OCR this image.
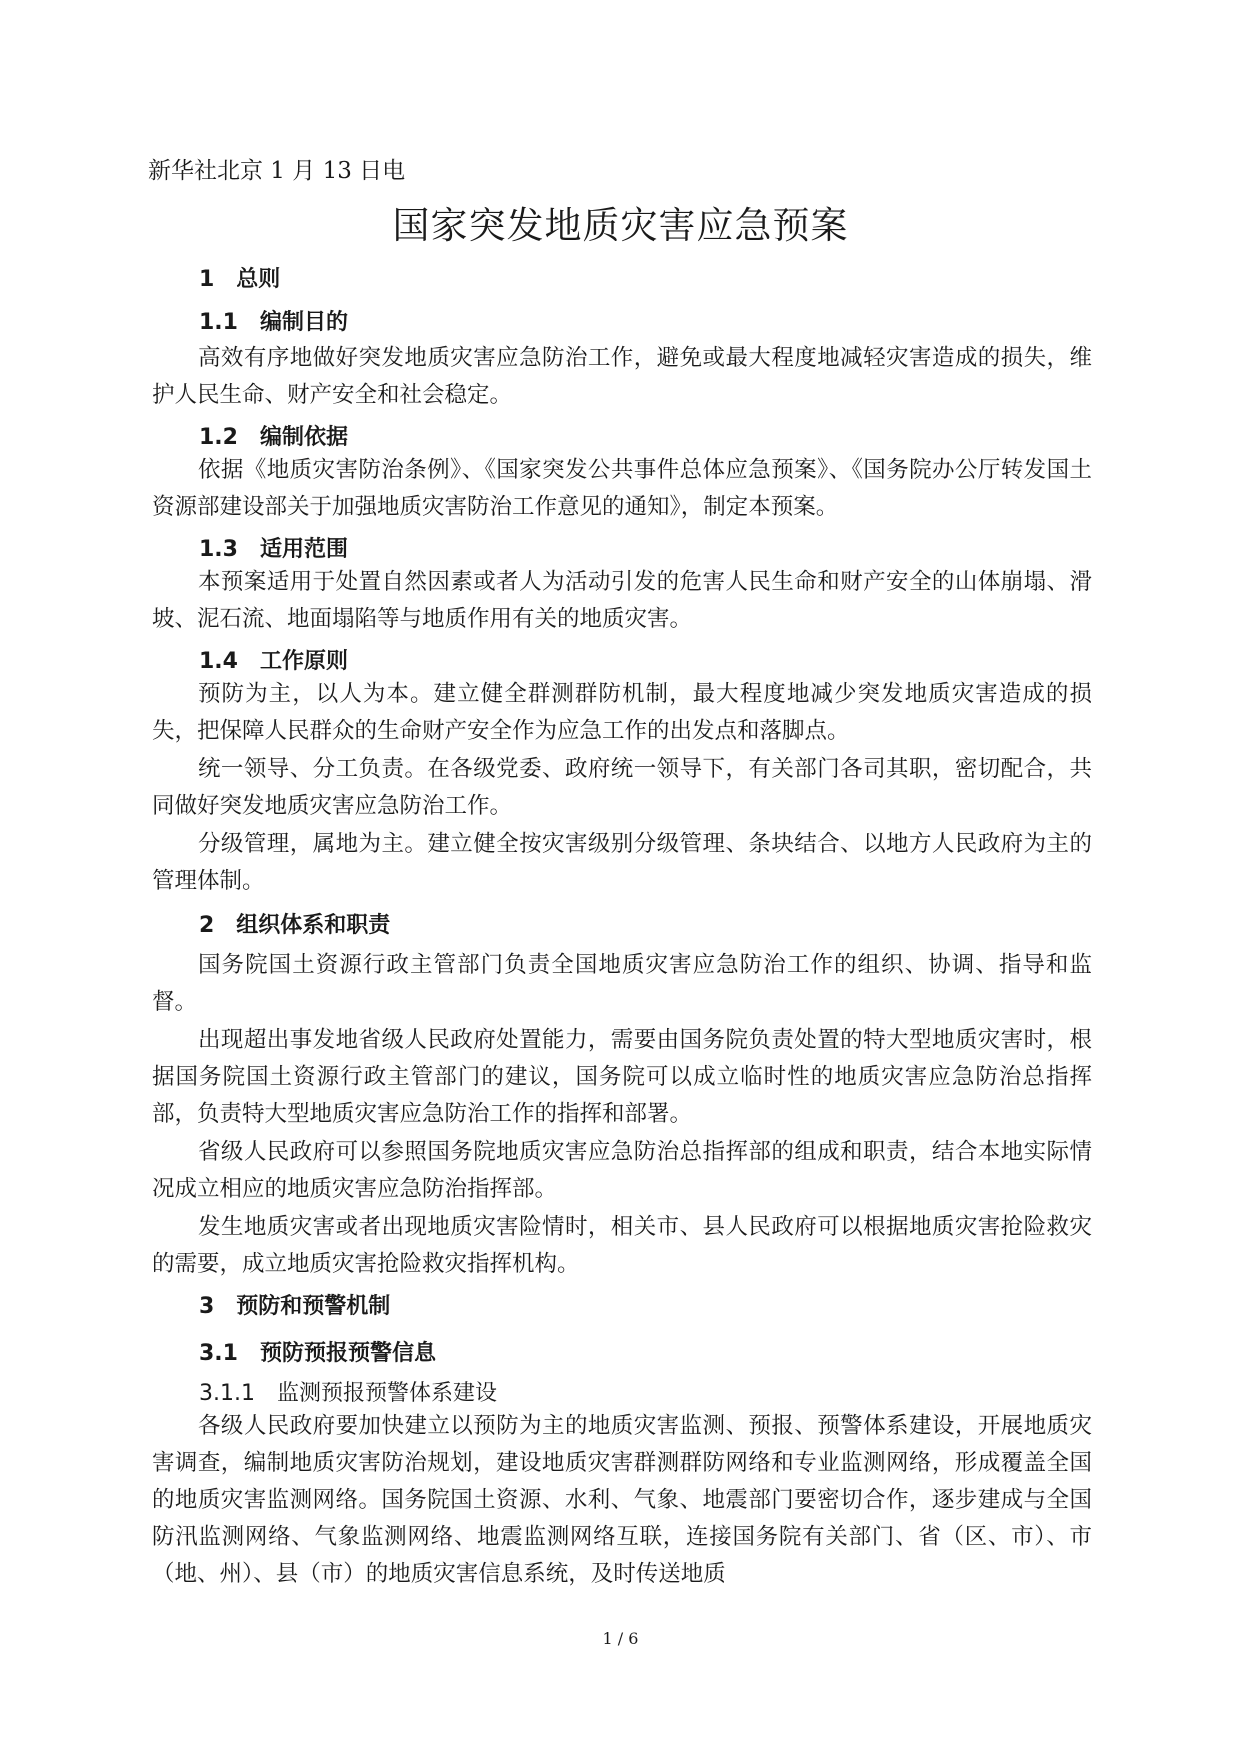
新华社北京 1 月 13 日电
国家突发地质灾害应急预案
1　总则
1.1　编制目的

高效有序地做好突发地质灾害应急防治工作，避免或最大程度地减轻灾害造成的损失，维护人民生命、财产安全和社会稳定。

1.2　编制依据

依据《地质灾害防治条例》、《国家突发公共事件总体应急预案》、《国务院办公厅转发国土资源部建设部关于加强地质灾害防治工作意见的通知》，制定本预案。

1.3　适用范围

本预案适用于处置自然因素或者人为活动引发的危害人民生命和财产安全的山体崩塌、滑坡、泥石流、地面塌陷等与地质作用有关的地质灾害。

1.4　工作原则

预防为主，以人为本。建立健全群测群防机制，最大程度地减少突发地质灾害造成的损失，把保障人民群众的生命财产安全作为应急工作的出发点和落脚点。

统一领导、分工负责。在各级党委、政府统一领导下，有关部门各司其职，密切配合，共同做好突发地质灾害应急防治工作。

分级管理，属地为主。建立健全按灾害级别分级管理、条块结合、以地方人民政府为主的管理体制。

2　组织体系和职责

国务院国土资源行政主管部门负责全国地质灾害应急防治工作的组织、协调、指导和监督。

出现超出事发地省级人民政府处置能力，需要由国务院负责处置的特大型地质灾害时，根据国务院国土资源行政主管部门的建议，国务院可以成立临时性的地质灾害应急防治总指挥部，负责特大型地质灾害应急防治工作的指挥和部署。

省级人民政府可以参照国务院地质灾害应急防治总指挥部的组成和职责，结合本地实际情况成立相应的地质灾害应急防治指挥部。

发生地质灾害或者出现地质灾害险情时，相关市、县人民政府可以根据地质灾害抢险救灾的需要，成立地质灾害抢险救灾指挥机构。

3　预防和预警机制
3.1　预防预报预警信息
3.1.1　监测预报预警体系建设

各级人民政府要加快建立以预防为主的地质灾害监测、预报、预警体系建设，开展地质灾害调查，编制地质灾害防治规划，建设地质灾害群测群防网络和专业监测网络，形成覆盖全国的地质灾害监测网络。国务院国土资源、水利、气象、地震部门要密切合作，逐步建成与全国防汛监测网络、气象监测网络、地震监测网络互联，连接国务院有关部门、省（区、市）、市（地、州）、县（市）的地质灾害信息系统，及时传送地质

1 / 6
